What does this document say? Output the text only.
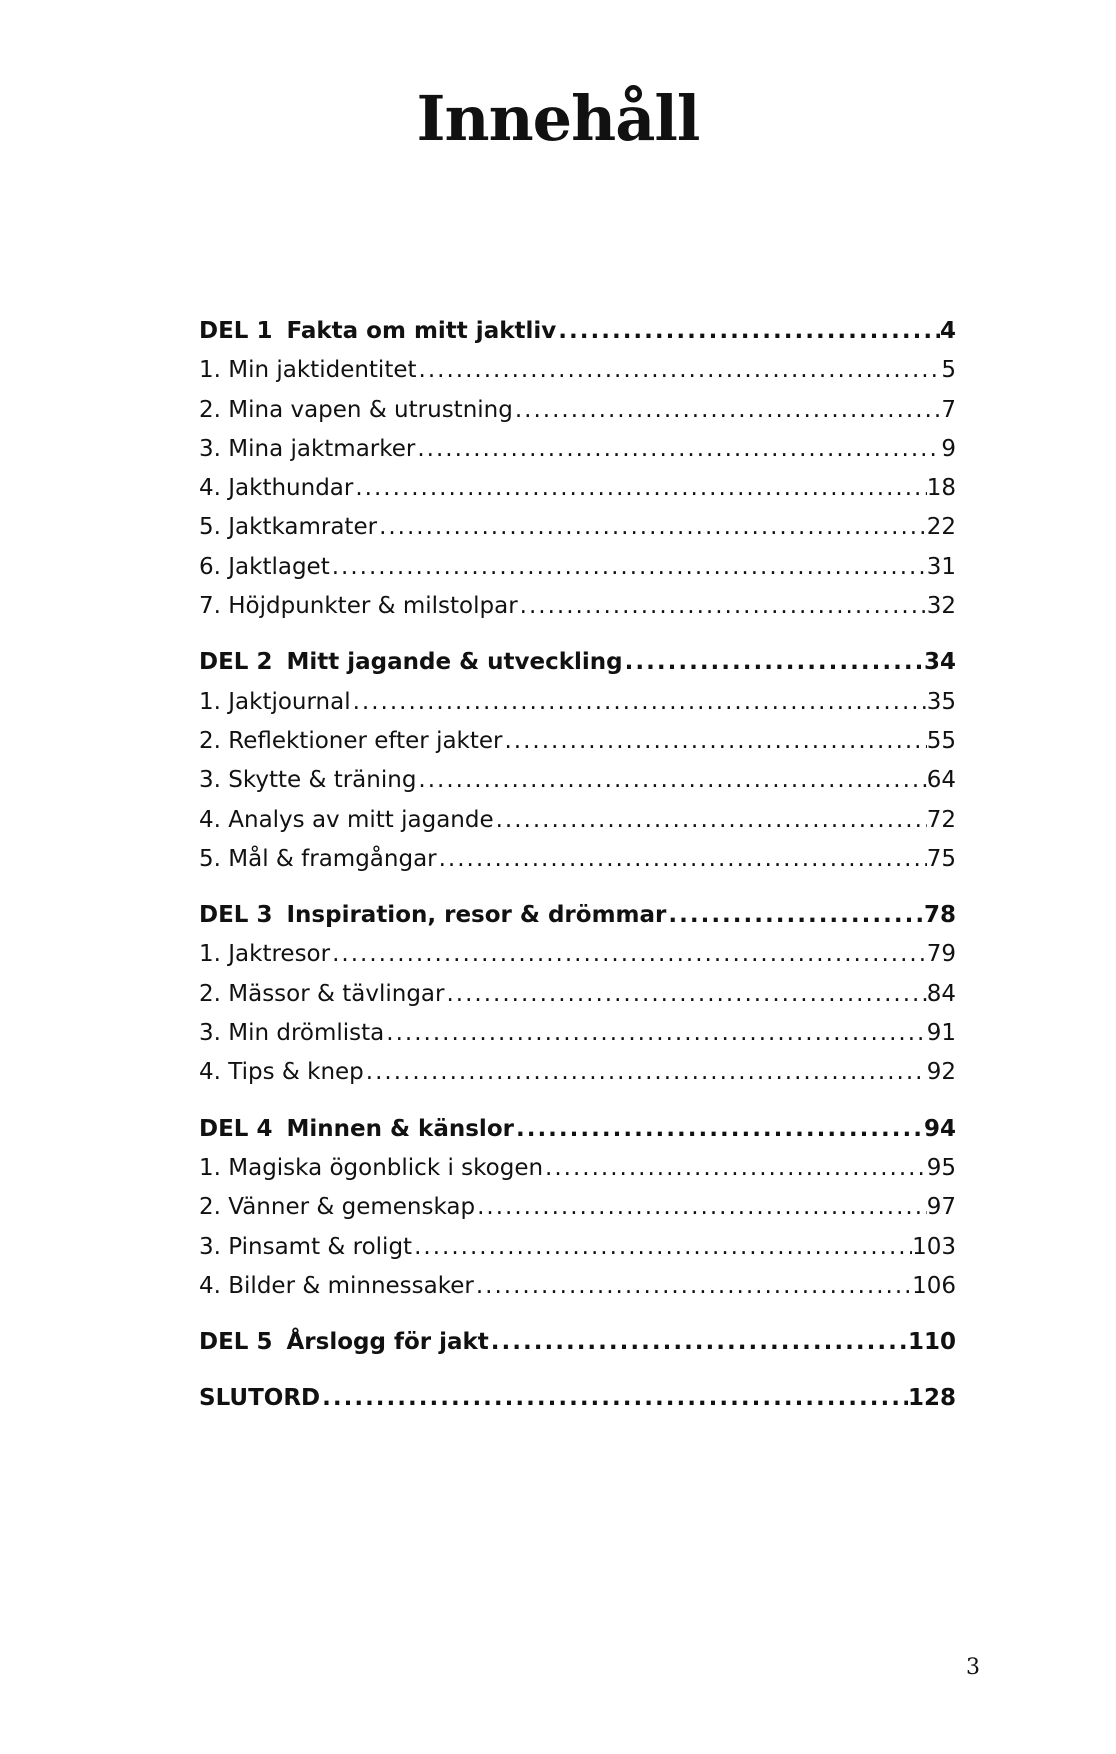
Innehåll
DEL 1 Fakta om mitt jaktliv .....	4
1. Min jaktidentitet .....	5
2. Mina vapen & utrustning .....	7
3. Mina jaktmarker .....	9
4. Jakthundar .....	18
5. Jaktkamrater .....	22
6. Jaktlaget .....	31
7. Höjdpunkter & milstolpar .....	32
DEL 2 Mitt jagande & utveckling .....	34
1. Jaktjournal .....	35
2. Reflektioner efter jakter .....	55
3. Skytte & träning .....	64
4. Analys av mitt jagande .....	72
5. Mål & framgångar .....	75
DEL 3 Inspiration, resor & drömmar .....	78
1. Jaktresor .....	79
2. Mässor & tävlingar .....	84
3. Min drömlista .....	91
4. Tips & knep .....	92
DEL 4 Minnen & känslor .....	94
1. Magiska ögonblick i skogen .....	95
2. Vänner & gemenskap .....	97
3. Pinsamt & roligt .....	103
4. Bilder & minnessaker .....	106
DEL 5 Årslogg för jakt .....	110
SLUTORD .....	128
3
